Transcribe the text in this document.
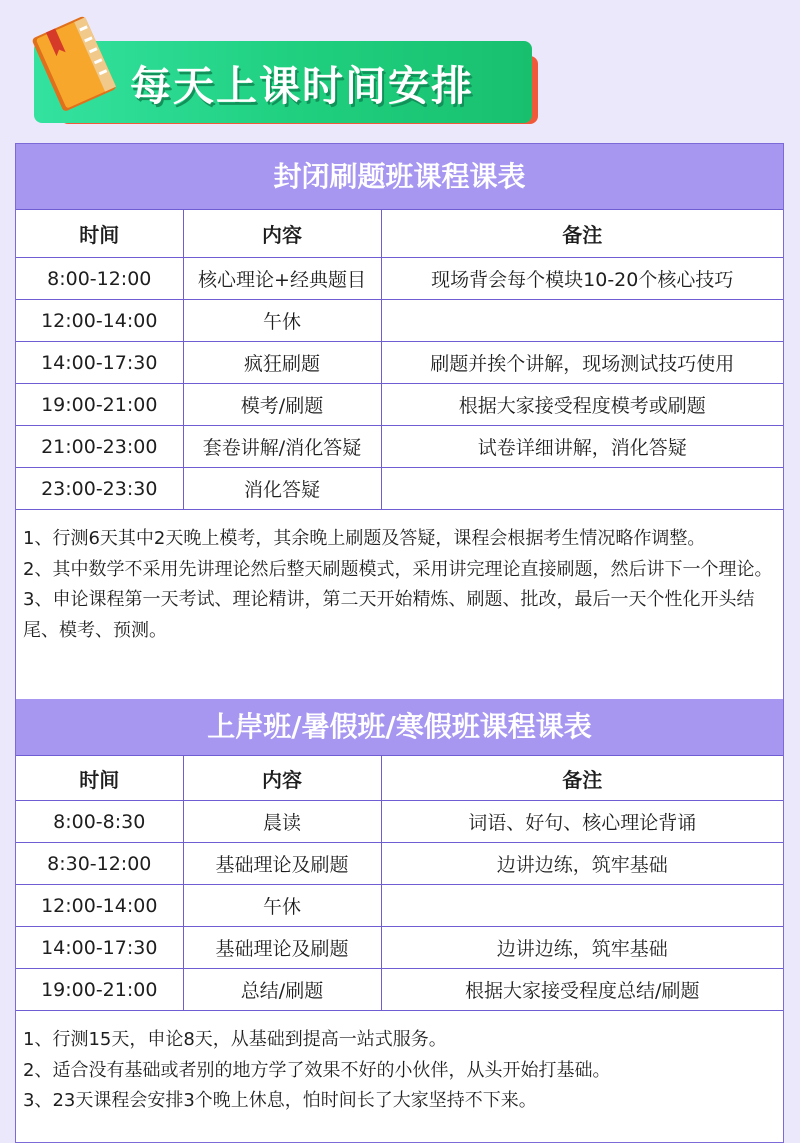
每天上课时间安排
封闭刷题班课程课表
时间	内容	备注
8:00-12:00	核心理论+经典题目	现场背会每个模块10-20个核心技巧
12:00-14:00	午休	
14:00-17:30	疯狂刷题	刷题并挨个讲解，现场测试技巧使用
19:00-21:00	模考/刷题	根据大家接受程度模考或刷题
21:00-23:00	套卷讲解/消化答疑	试卷详细讲解，消化答疑
23:00-23:30	消化答疑	

1、行测6天其中2天晚上模考，其余晚上刷题及答疑，课程会根据考生情况略作调整。

2、其中数学不采用先讲理论然后整天刷题模式，采用讲完理论直接刷题，然后讲下一个理论。

3、申论课程第一天考试、理论精讲，第二天开始精炼、刷题、批改，最后一天个性化开头结尾、模考、预测。

上岸班/暑假班/寒假班课程课表
时间	内容	备注
8:00-8:30	晨读	词语、好句、核心理论背诵
8:30-12:00	基础理论及刷题	边讲边练，筑牢基础
12:00-14:00	午休	
14:00-17:30	基础理论及刷题	边讲边练，筑牢基础
19:00-21:00	总结/刷题	根据大家接受程度总结/刷题

1、行测15天，申论8天，从基础到提高一站式服务。

2、适合没有基础或者别的地方学了效果不好的小伙伴，从头开始打基础。

3、23天课程会安排3个晚上休息，怕时间长了大家坚持不下来。
